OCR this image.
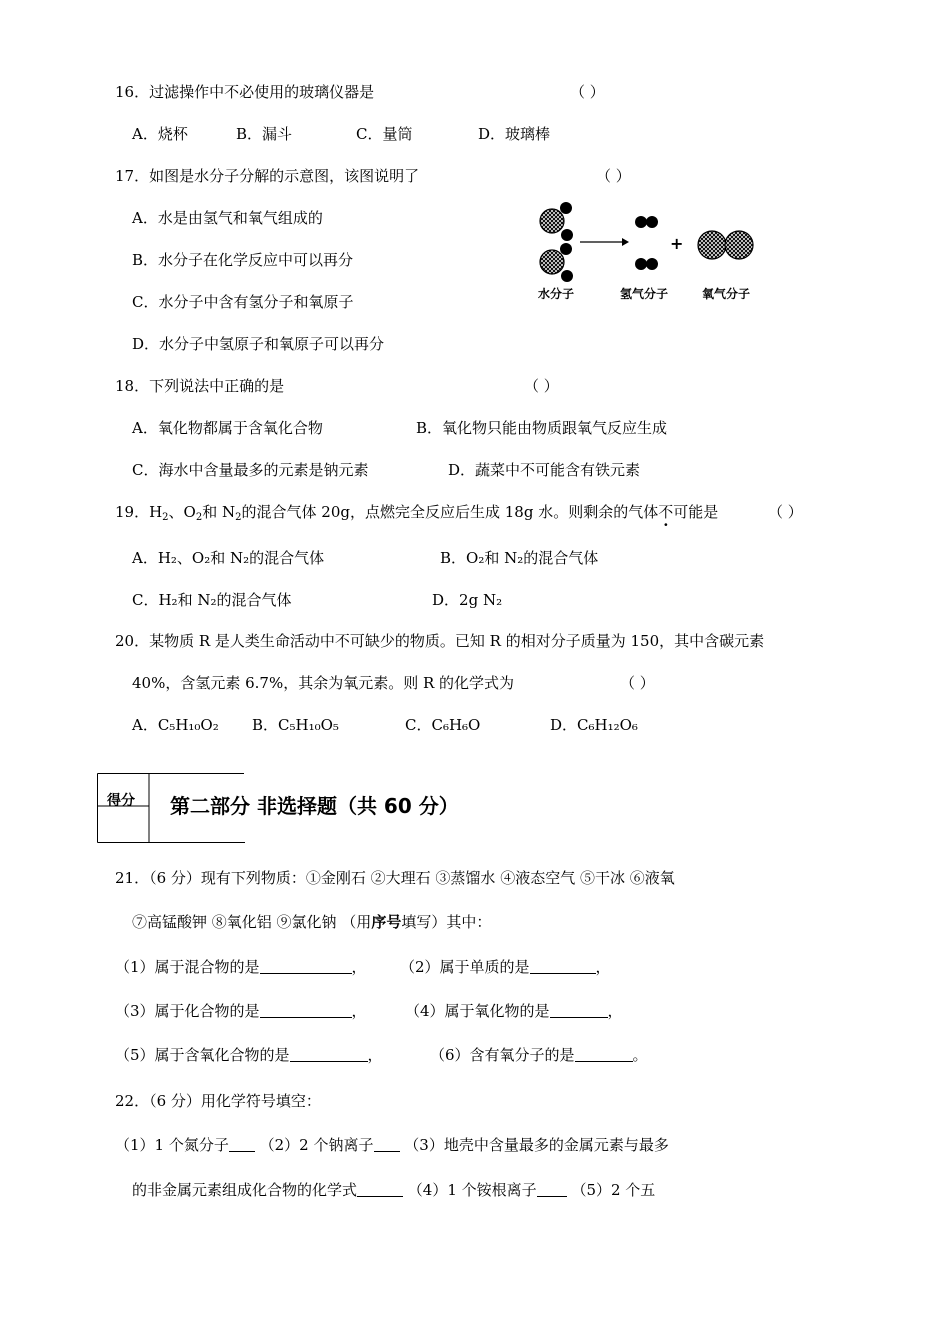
16．过滤操作中不必使用的玻璃仪器是	（ ）
A．烧杯	B．漏斗	C．量筒	D．玻璃棒
17．如图是水分子分解的示意图，该图说明了	（ ）
A．水是由氢气和氧气组成的
B．水分子在化学反应中可以再分
C．水分子中含有氢分子和氧原子
D．水分子中氢原子和氧原子可以再分
+
水分子	氢气分子	氧气分子
18．下列说法中正确的是	（ ）
A．氧化物都属于含氧化合物	B．氧化物只能由物质跟氧气反应生成
C．海水中含量最多的元素是钠元素	D．蔬菜中不可能含有铁元素
19．$H_2$、$O_2$和 $N_2$的混合气体 20g，点燃完全反应后生成 18g 水。则剩余的气体不可能是	（ ）
A．H₂、O₂和 N₂的混合气体	B．O₂和 N₂的混合气体
C．H₂和 N₂的混合气体	D．2g N₂
20．某物质 R 是人类生命活动中不可缺少的物质。已知 R 的相对分子质量为 150，其中含碳元素
40%，含氢元素 6.7%，其余为氧元素。则 R 的化学式为	（ ）
A．C₅H₁₀O₂ B．C₅H₁₀O₅	C．C₆H₆O	D．C₆H₁₂O₆
得分 第二部分 非选择题（共 60 分）
21．（6 分）现有下列物质：①金刚石 ②大理石 ③蒸馏水 ④液态空气 ⑤干冰 ⑥液氧
⑦高锰酸钾 ⑧氧化铝 ⑨氯化钠 （用序号填写）其中：
（1）属于混合物的是	， （2）属于单质的是	，
（3）属于化合物的是	，	（4）属于氧化物的是	，
（5）属于含氧化合物的是	，	（6）含有氧分子的是	。
22．（6 分）用化学符号填空：
（1）1 个氮分子 （2）2 个钠离子 （3）地壳中含量最多的金属元素与最多
的非金属元素组成化合物的化学式	（4）1 个铵根离子 （5）2 个五
